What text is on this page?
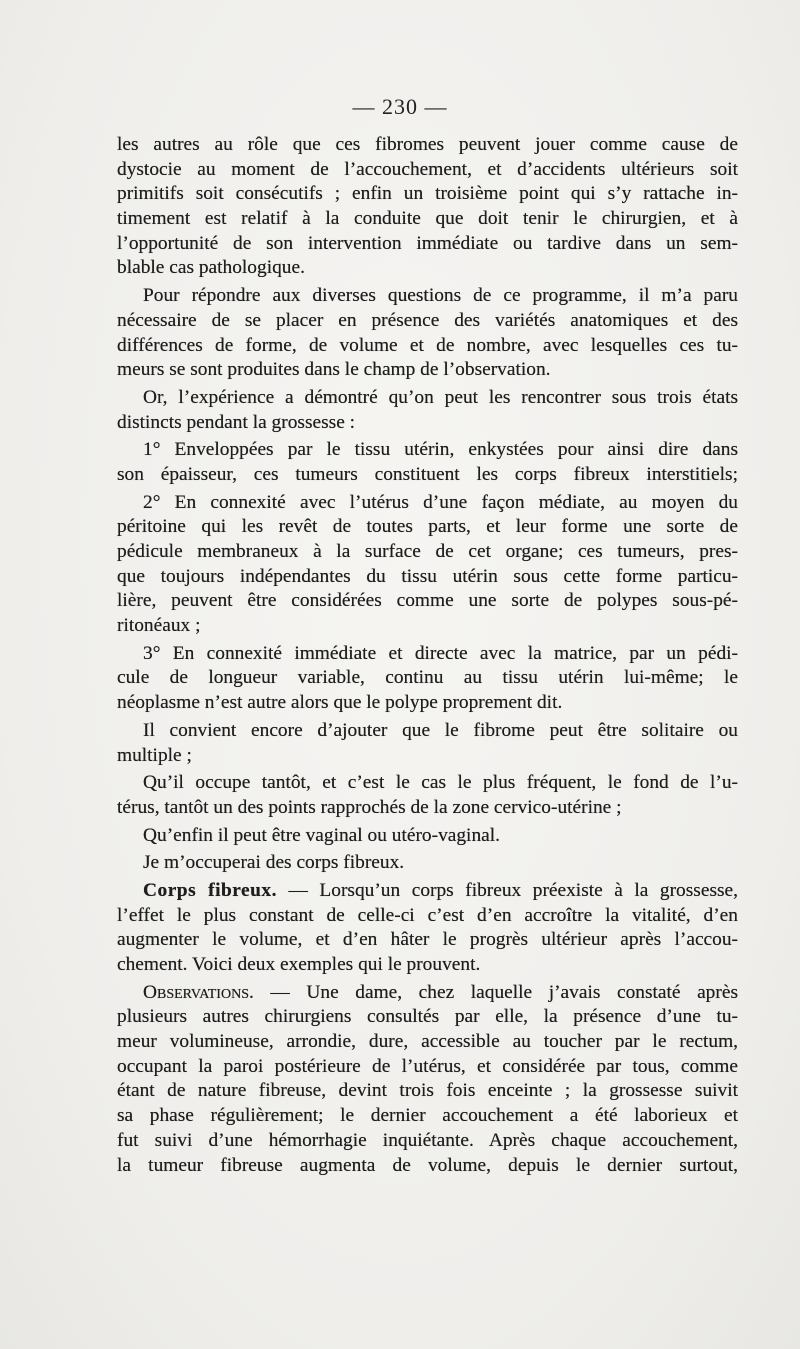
— 230 —
les autres au rôle que ces fibromes peuvent jouer comme cause de
dystocie au moment de l’accouchement, et d’accidents ultérieurs soit
primitifs soit consécutifs ; enfin un troisième point qui s’y rattache in-
timement est relatif à la conduite que doit tenir le chirurgien, et à
l’opportunité de son intervention immédiate ou tardive dans un sem-
blable cas pathologique.
Pour répondre aux diverses questions de ce programme, il m’a paru
nécessaire de se placer en présence des variétés anatomiques et des
différences de forme, de volume et de nombre, avec lesquelles ces tu-
meurs se sont produites dans le champ de l’observation.
Or, l’expérience a démontré qu’on peut les rencontrer sous trois états
distincts pendant la grossesse :
1° Enveloppées par le tissu utérin, enkystées pour ainsi dire dans
son épaisseur, ces tumeurs constituent les corps fibreux interstitiels;
2° En connexité avec l’utérus d’une façon médiate, au moyen du
péritoine qui les revêt de toutes parts, et leur forme une sorte de
pédicule membraneux à la surface de cet organe; ces tumeurs, pres-
que toujours indépendantes du tissu utérin sous cette forme particu-
lière, peuvent être considérées comme une sorte de polypes sous-pé-
ritonéaux ;
3° En connexité immédiate et directe avec la matrice, par un pédi-
cule de longueur variable, continu au tissu utérin lui-même; le
néoplasme n’est autre alors que le polype proprement dit.
Il convient encore d’ajouter que le fibrome peut être solitaire ou
multiple ;
Qu’il occupe tantôt, et c’est le cas le plus fréquent, le fond de l’u-
térus, tantôt un des points rapprochés de la zone cervico-utérine ;
Qu’enfin il peut être vaginal ou utéro-vaginal.
Je m’occuperai des corps fibreux.
Corps fibreux. — Lorsqu’un corps fibreux préexiste à la grossesse,
l’effet le plus constant de celle-ci c’est d’en accroître la vitalité, d’en
augmenter le volume, et d’en hâter le progrès ultérieur après l’accou-
chement. Voici deux exemples qui le prouvent.
Observations. — Une dame, chez laquelle j’avais constaté après
plusieurs autres chirurgiens consultés par elle, la présence d’une tu-
meur volumineuse, arrondie, dure, accessible au toucher par le rectum,
occupant la paroi postérieure de l’utérus, et considérée par tous, comme
étant de nature fibreuse, devint trois fois enceinte ; la grossesse suivit
sa phase régulièrement; le dernier accouchement a été laborieux et
fut suivi d’une hémorrhagie inquiétante. Après chaque accouchement,
la tumeur fibreuse augmenta de volume, depuis le dernier surtout,
